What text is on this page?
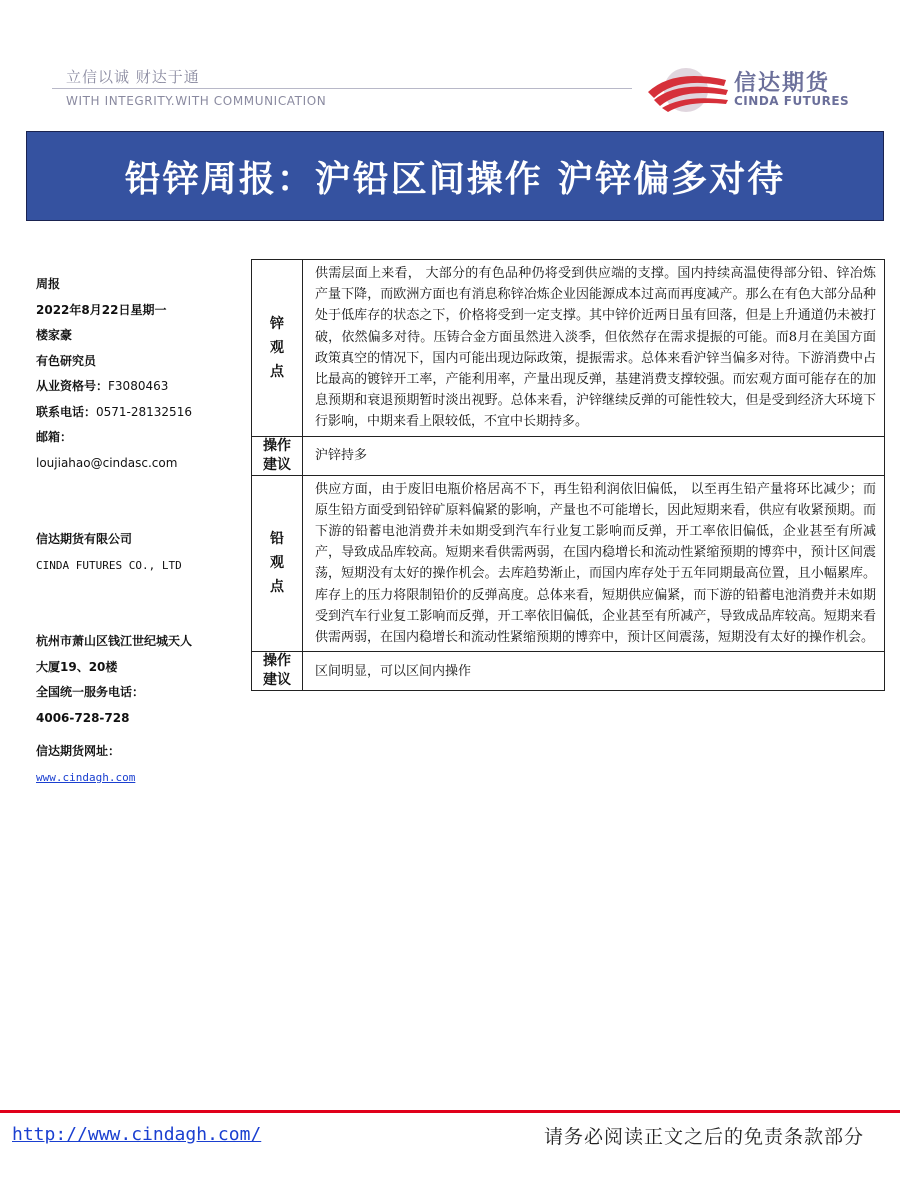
立信以诚 财达于通
WITH INTEGRITY.WITH COMMUNICATION
信达期货
CINDA FUTURES
铅锌周报：沪铅区间操作 沪锌偏多对待
周报
2022年8月22日星期一
楼家豪
有色研究员
从业资格号：F3080463
联系电话：0571-28132516
邮箱：
loujiahao@cindasc.com
信达期货有限公司
CINDA FUTURES CO., LTD
杭州市萧山区钱江世纪城天人
大厦19、20楼
全国统一服务电话：
4006-728-728
信达期货网址：
www.cindagh.com
锌观点	供需层面上来看， 大部分的有色品种仍将受到供应端的支撑。国内持续高温使得部分铅、锌冶炼产量下降，而欧洲方面也有消息称锌冶炼企业因能源成本过高而再度减产。那么在有色大部分品种处于低库存的状态之下，价格将受到一定支撑。其中锌价近两日虽有回落，但是上升通道仍未被打破，依然偏多对待。压铸合金方面虽然进入淡季，但依然存在需求提振的可能。而8月在美国方面政策真空的情况下，国内可能出现边际政策，提振需求。总体来看沪锌当偏多对待。下游消费中占比最高的镀锌开工率，产能利用率，产量出现反弹，基建消费支撑较强。而宏观方面可能存在的加息预期和衰退预期暂时淡出视野。总体来看，沪锌继续反弹的可能性较大，但是受到经济大环境下行影响，中期来看上限较低，不宜中长期持多。
操作
建议	沪锌持多

铅观点	供应方面，由于废旧电瓶价格居高不下，再生铅利润依旧偏低， 以至再生铅产量将环比减少；而原生铅方面受到铅锌矿原料偏紧的影响，产量也不可能增长，因此短期来看，供应有收紧预期。而下游的铅蓄电池消费并未如期受到汽车行业复工影响而反弹，开工率依旧偏低，企业甚至有所减产，导致成品库较高。短期来看供需两弱，在国内稳增长和流动性紧缩预期的博弈中，预计区间震荡，短期没有太好的操作机会。去库趋势渐止，而国内库存处于五年同期最高位置，且小幅累库。库存上的压力将限制铅价的反弹高度。总体来看，短期供应偏紧，而下游的铅蓄电池消费并未如期受到汽车行业复工影响而反弹，开工率依旧偏低，企业甚至有所减产，导致成品库较高。短期来看供需两弱，在国内稳增长和流动性紧缩预期的博弈中，预计区间震荡，短期没有太好的操作机会。
操作
建议	区间明显，可以区间内操作
http://www.cindagh.com/	请务必阅读正文之后的免责条款部分
